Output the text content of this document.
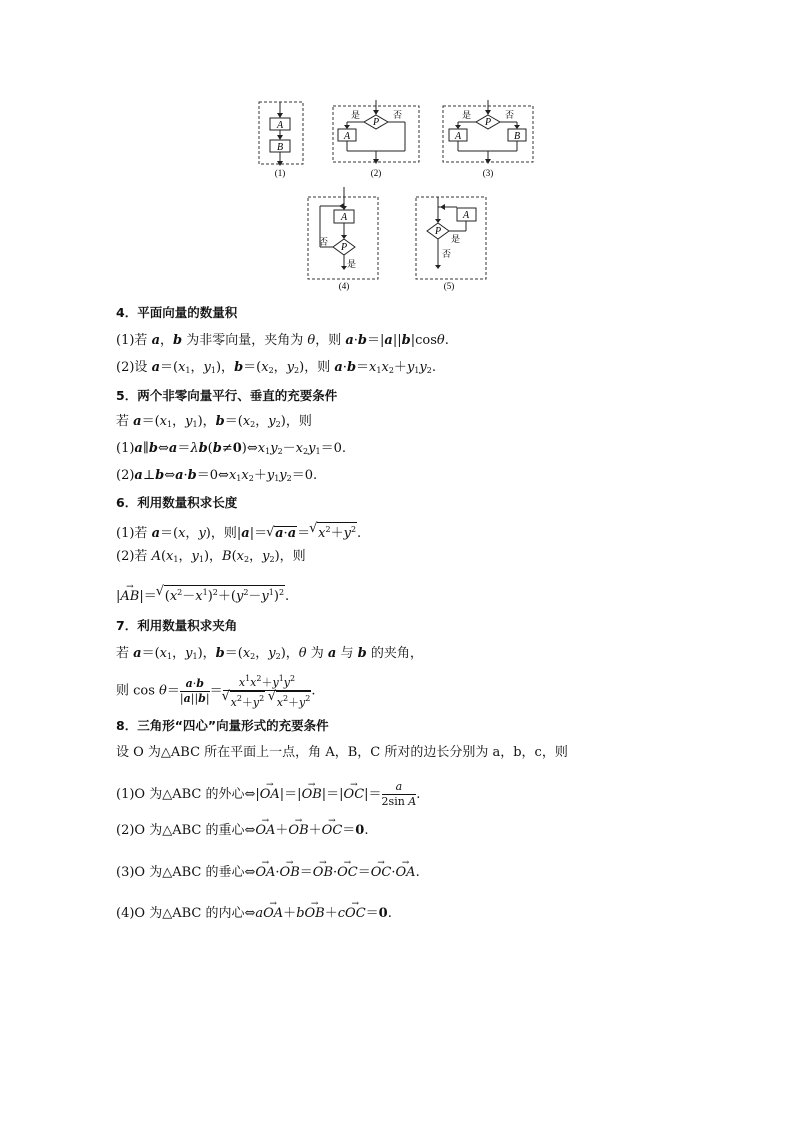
A
B
(1)
P
是	否
A
(2)
P
是	否
A	B
(3)
A
P
否
是
(4)
A
P
是
否
(5)
4．平面向量的数量积
(1)若 a，b 为非零向量，夹角为 θ，则 a·b＝|a||b|cosθ.
(2)设 $a=(x_1$，$y_1$)，$b=(x_2$，$y_2$)，则 $a\cdot b=x_1x_2+y_1y_2$.
5．两个非零向量平行、垂直的充要条件
若 $a=(x_1$，$y_1$)，$b=(x_2$，$y_2$)，则
$(1)a\parallel b\Leftrightarrow a=\lambda b(b\ne 0)\Leftrightarrow x_1y_2-x_2y_1=0$.
$(2)a\perp b\Leftrightarrow a\cdot b=0\Leftrightarrow x_1x_2+y_1y_2=0$.
6．利用数量积求长度
(1)若 a＝(x，y)，则|a|＝ √ a·a＝ √ $x^2+y^2$.
(2)若 $A(x_1$，$y_1$)，$B(x_2$，$y_2$)，则
|→ AB|＝ √ $(x^2-x^1)^2+(y^2-y^1)^2$.
7．利用数量积求夹角
若 $a=(x_1$，$y_1$)，$b=(x_2$，$y_2$)，θ 为 a 与 b 的夹角，
则 $\cos \theta= \frac{a\cdot b}{|a||b|} = x^1x^2+y^1y^2$
√ $x^2+y^2$ √ $x^2+y^2$ .
8．三角形“四心”向量形式的充要条件
设 O 为△ABC 所在平面上一点，角 A，B，C 所对的边长分别为 a，b，c，则
(1)O 为△ABC 的外心⇔|→ $OA|=|\to OB|=|\to OC|= \frac{a}{\text{2sin A}}$ .
(2)O 为△ABC 的重心⇔→ OA＋→ OB＋→ OC＝0.
(3)O 为△ABC 的垂心⇔→ OA·→ OB＝→ OB·→ OC＝→ OC·→ OA.
(4)O 为△ABC 的内心⇔a→ OA＋b→ OB＋c→ OC＝0.
